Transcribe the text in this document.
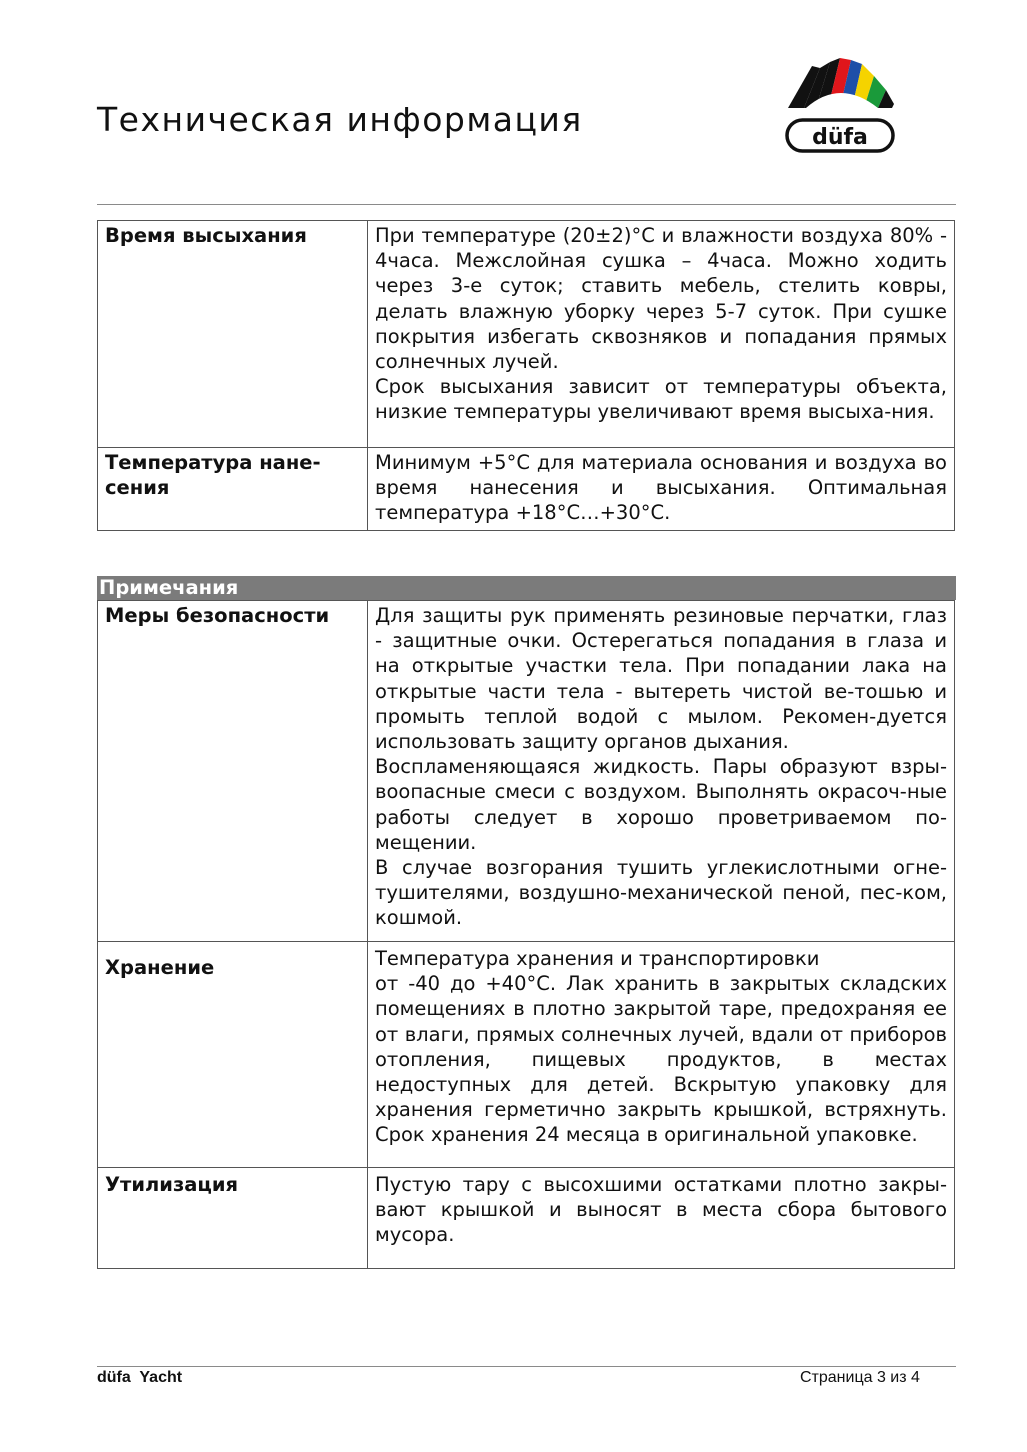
Техническая информация	düfa
Время высыхания	При температуре (20±2)°С и влажности воздуха 80% - 4часа. Межслойная сушка – 4часа. Можно ходить через 3-е суток; ставить мебель, стелить ковры, делать влажную уборку через 5-7 суток. При сушке покрытия избегать сквозняков и попадания прямых солнечных лучей.

Срок высыхания зависит от температуры объекта, низкие температуры увеличивают время высыха-ния.

Температура нане-сения	Минимум +5°С для материала основания и воздуха во время нанесения и высыхания. Оптимальная температура +18°С…+30°С.

Примечания
Меры безопасности	Для защиты рук применять резиновые перчатки, глаз - защитные очки. Остерегаться попадания в глаза и на открытые участки тела. При попадании лака на открытые части тела - вытереть чистой ве-тошью и промыть теплой водой с мылом. Рекомен-дуется использовать защиту органов дыхания.

Воспламеняющаяся жидкость. Пары образуют взры-воопасные смеси с воздухом. Выполнять окрасоч-ные работы следует в хорошо проветриваемом по-мещении.

В случае возгорания тушить углекислотными огне-тушителями, воздушно-механической пеной, пес-ком, кошмой.

Хранение	Температура хранения и транспортировки

от -40 до +40°С. Лак хранить в закрытых складских помещениях в плотно закрытой таре, предохраняя ее от влаги, прямых солнечных лучей, вдали от приборов отопления, пищевых продуктов, в местах недоступных для детей. Вскрытую упаковку для хранения герметично закрыть крышкой, встряхнуть. Срок хранения 24 месяца в оригинальной упаковке.

Утилизация	Пустую тару с высохшими остатками плотно закры-вают крышкой и выносят в места сбора бытового мусора.

düfa  Yacht	Страница 3 из 4
